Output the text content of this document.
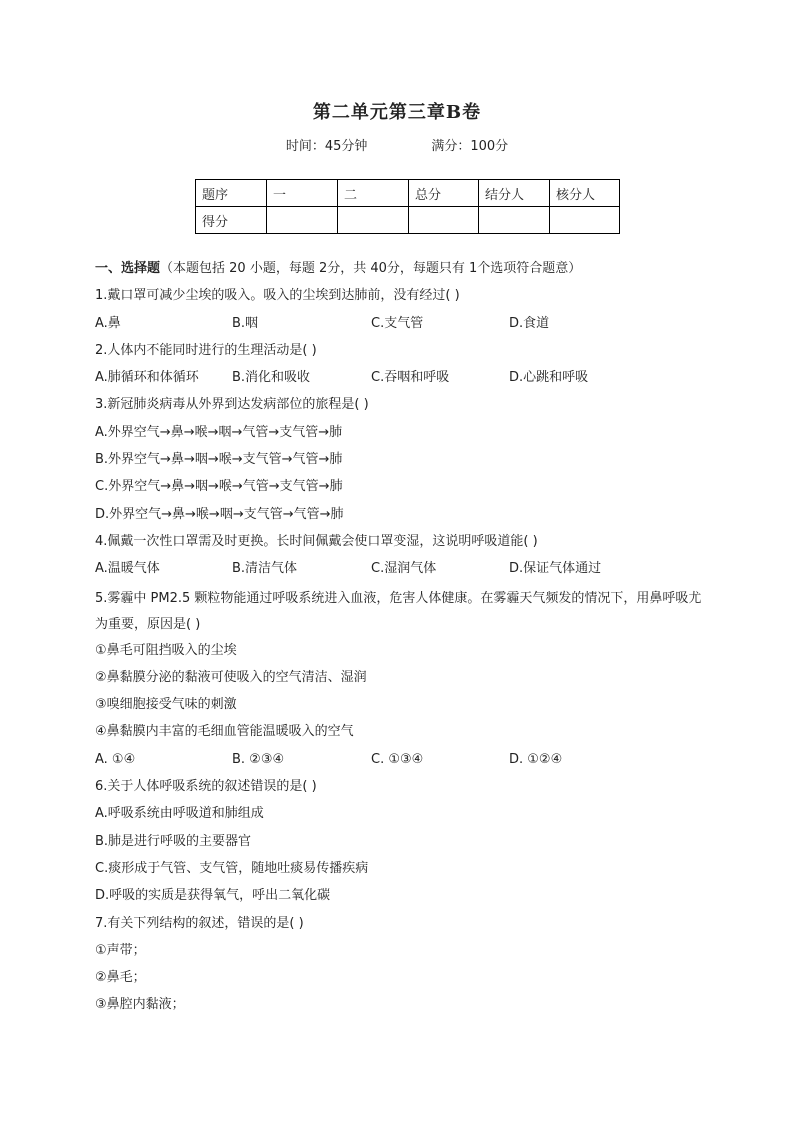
第二单元第三章B卷
时间：45分钟	满分：100分
题序	一	二	总分	结分人	核分人
得分					
一、选择题（本题包括 20 小题，每题 2分，共 40分，每题只有 1个选项符合题意）
1.戴口罩可减少尘埃的吸入。吸入的尘埃到达肺前，没有经过( )
A.鼻	B.咽	C.支气管	D.食道
2.人体内不能同时进行的生理活动是( )
A.肺循环和体循环	B.消化和吸收	C.吞咽和呼吸	D.心跳和呼吸
3.新冠肺炎病毒从外界到达发病部位的旅程是( )
A.外界空气→鼻→喉→咽→气管→支气管→肺
B.外界空气→鼻→咽→喉→支气管→气管→肺
C.外界空气→鼻→咽→喉→气管→支气管→肺
D.外界空气→鼻→喉→咽→支气管→气管→肺
4.佩戴一次性口罩需及时更换。长时间佩戴会使口罩变湿，这说明呼吸道能( )
A.温暖气体	B.清洁气体	C.湿润气体	D.保证气体通过
5.雾霾中 PM2.5 颗粒物能通过呼吸系统进入血液，危害人体健康。在雾霾天气频发的情况下，用鼻呼吸尤为重要，原因是( )
①鼻毛可阻挡吸入的尘埃
②鼻黏膜分泌的黏液可使吸入的空气清洁、湿润
③嗅细胞接受气味的刺激
④鼻黏膜内丰富的毛细血管能温暖吸入的空气
A. ①④	B. ②③④	C. ①③④	D. ①②④
6.关于人体呼吸系统的叙述错误的是( )
A.呼吸系统由呼吸道和肺组成
B.肺是进行呼吸的主要器官
C.痰形成于气管、支气管，随地吐痰易传播疾病
D.呼吸的实质是获得氧气，呼出二氧化碳
7.有关下列结构的叙述，错误的是( )
①声带；
②鼻毛；
③鼻腔内黏液；
